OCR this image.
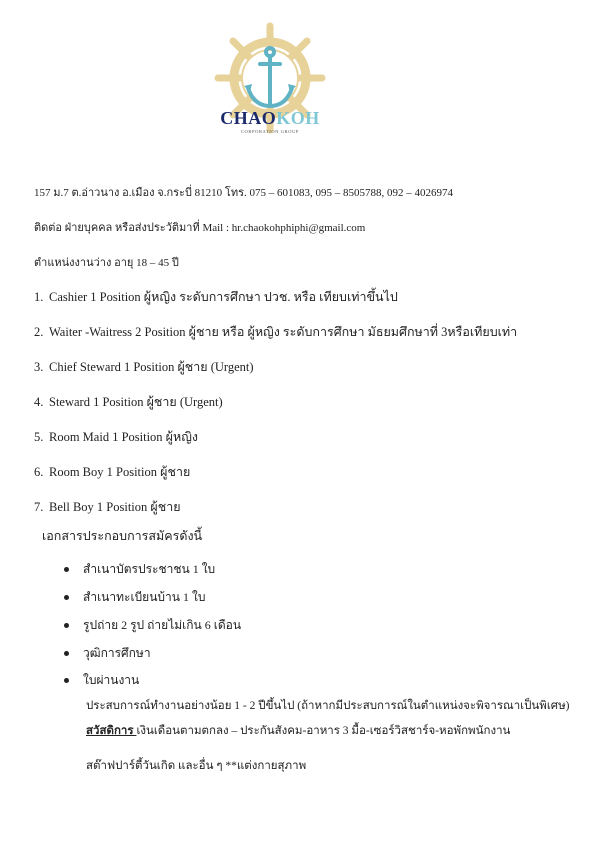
CHAOKOH
CORPORATION GROUP
157 ม.7 ต.อ่าวนาง อ.เมือง จ.กระบี่ 81210 โทร. 075 – 601083, 095 – 8505788, 092 – 4026974
ติดต่อ ฝ่ายบุคคล หรือส่งประวัติมาที่ Mail : hr.chaokohphiphi@gmail.com
ตำแหน่งงานว่าง อายุ 18 – 45 ปี
1. Cashier 1 Position ผู้หญิง ระดับการศึกษา ปวช. หรือ เทียบเท่าขึ้นไป
2. Waiter -Waitress 2 Position ผู้ชาย หรือ ผู้หญิง ระดับการศึกษา มัธยมศึกษาที่ 3หรือเทียบเท่า
3. Chief Steward 1 Position ผู้ชาย (Urgent)
4. Steward 1 Position ผู้ชาย (Urgent)
5. Room Maid 1 Position ผู้หญิง
6. Room Boy 1 Position ผู้ชาย
7. Bell Boy 1 Position ผู้ชาย
เอกสารประกอบการสมัครดังนี้
สำเนาบัตรประชาชน 1 ใบ
สำเนาทะเบียนบ้าน 1 ใบ
รูปถ่าย 2 รูป ถ่ายไม่เกิน 6 เดือน
วุฒิการศึกษา
ใบผ่านงาน
ประสบการณ์ทำงานอย่างน้อย 1 - 2 ปีขึ้นไป (ถ้าหากมีประสบการณ์ในตำแหน่งจะพิจารณาเป็นพิเศษ)
สวัสดิการ เงินเดือนตามตกลง – ประกันสังคม-อาหาร 3 มื้อ-เซอร์วิสชาร์จ-หอพักพนักงาน
สต๊าฟปาร์ตี้วันเกิด และอื่น ๆ **แต่งกายสุภาพ
